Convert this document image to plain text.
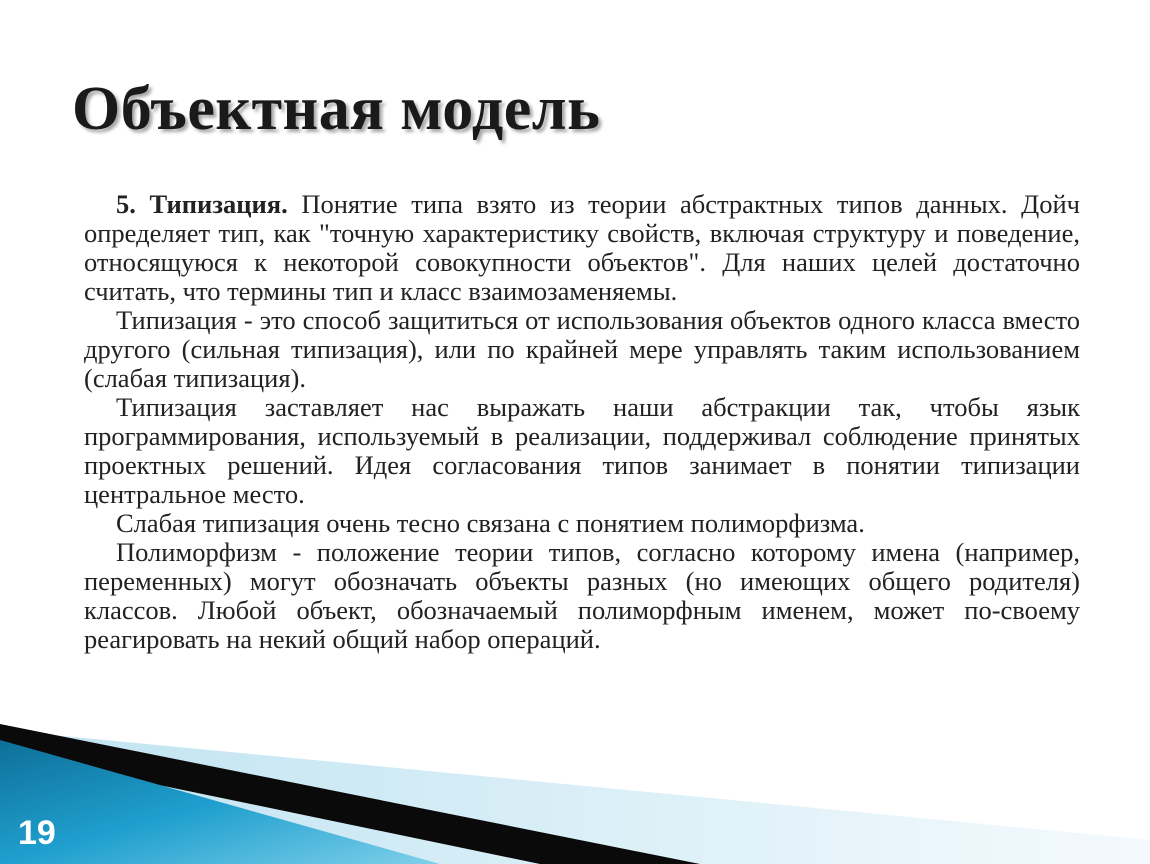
Объектная модель

5. Типизация. Понятие типа взято из теории абстрактных типов данных. Дойч определяет тип, как "точную характеристику свойств, включая структуру и поведение, относящуюся к некоторой совокупности объектов". Для наших целей достаточно считать, что термины тип и класс взаимозаменяемы.

Типизация - это способ защититься от использования объектов одного класса вместо другого (сильная типизация), или по крайней мере управлять таким использованием (слабая типизация).

Типизация заставляет нас выражать наши абстракции так, чтобы язык программирования, используемый в реализации, поддерживал соблюдение принятых проектных решений. Идея согласования типов занимает в понятии типизации центральное место.

Слабая типизация очень тесно связана с понятием полиморфизма.

Полиморфизм - положение теории типов, согласно которому имена (например, переменных) могут обозначать объекты разных (но имеющих общего родителя) классов. Любой объект, обозначаемый полиморфным именем, может по-своему реагировать на некий общий набор операций.

19
